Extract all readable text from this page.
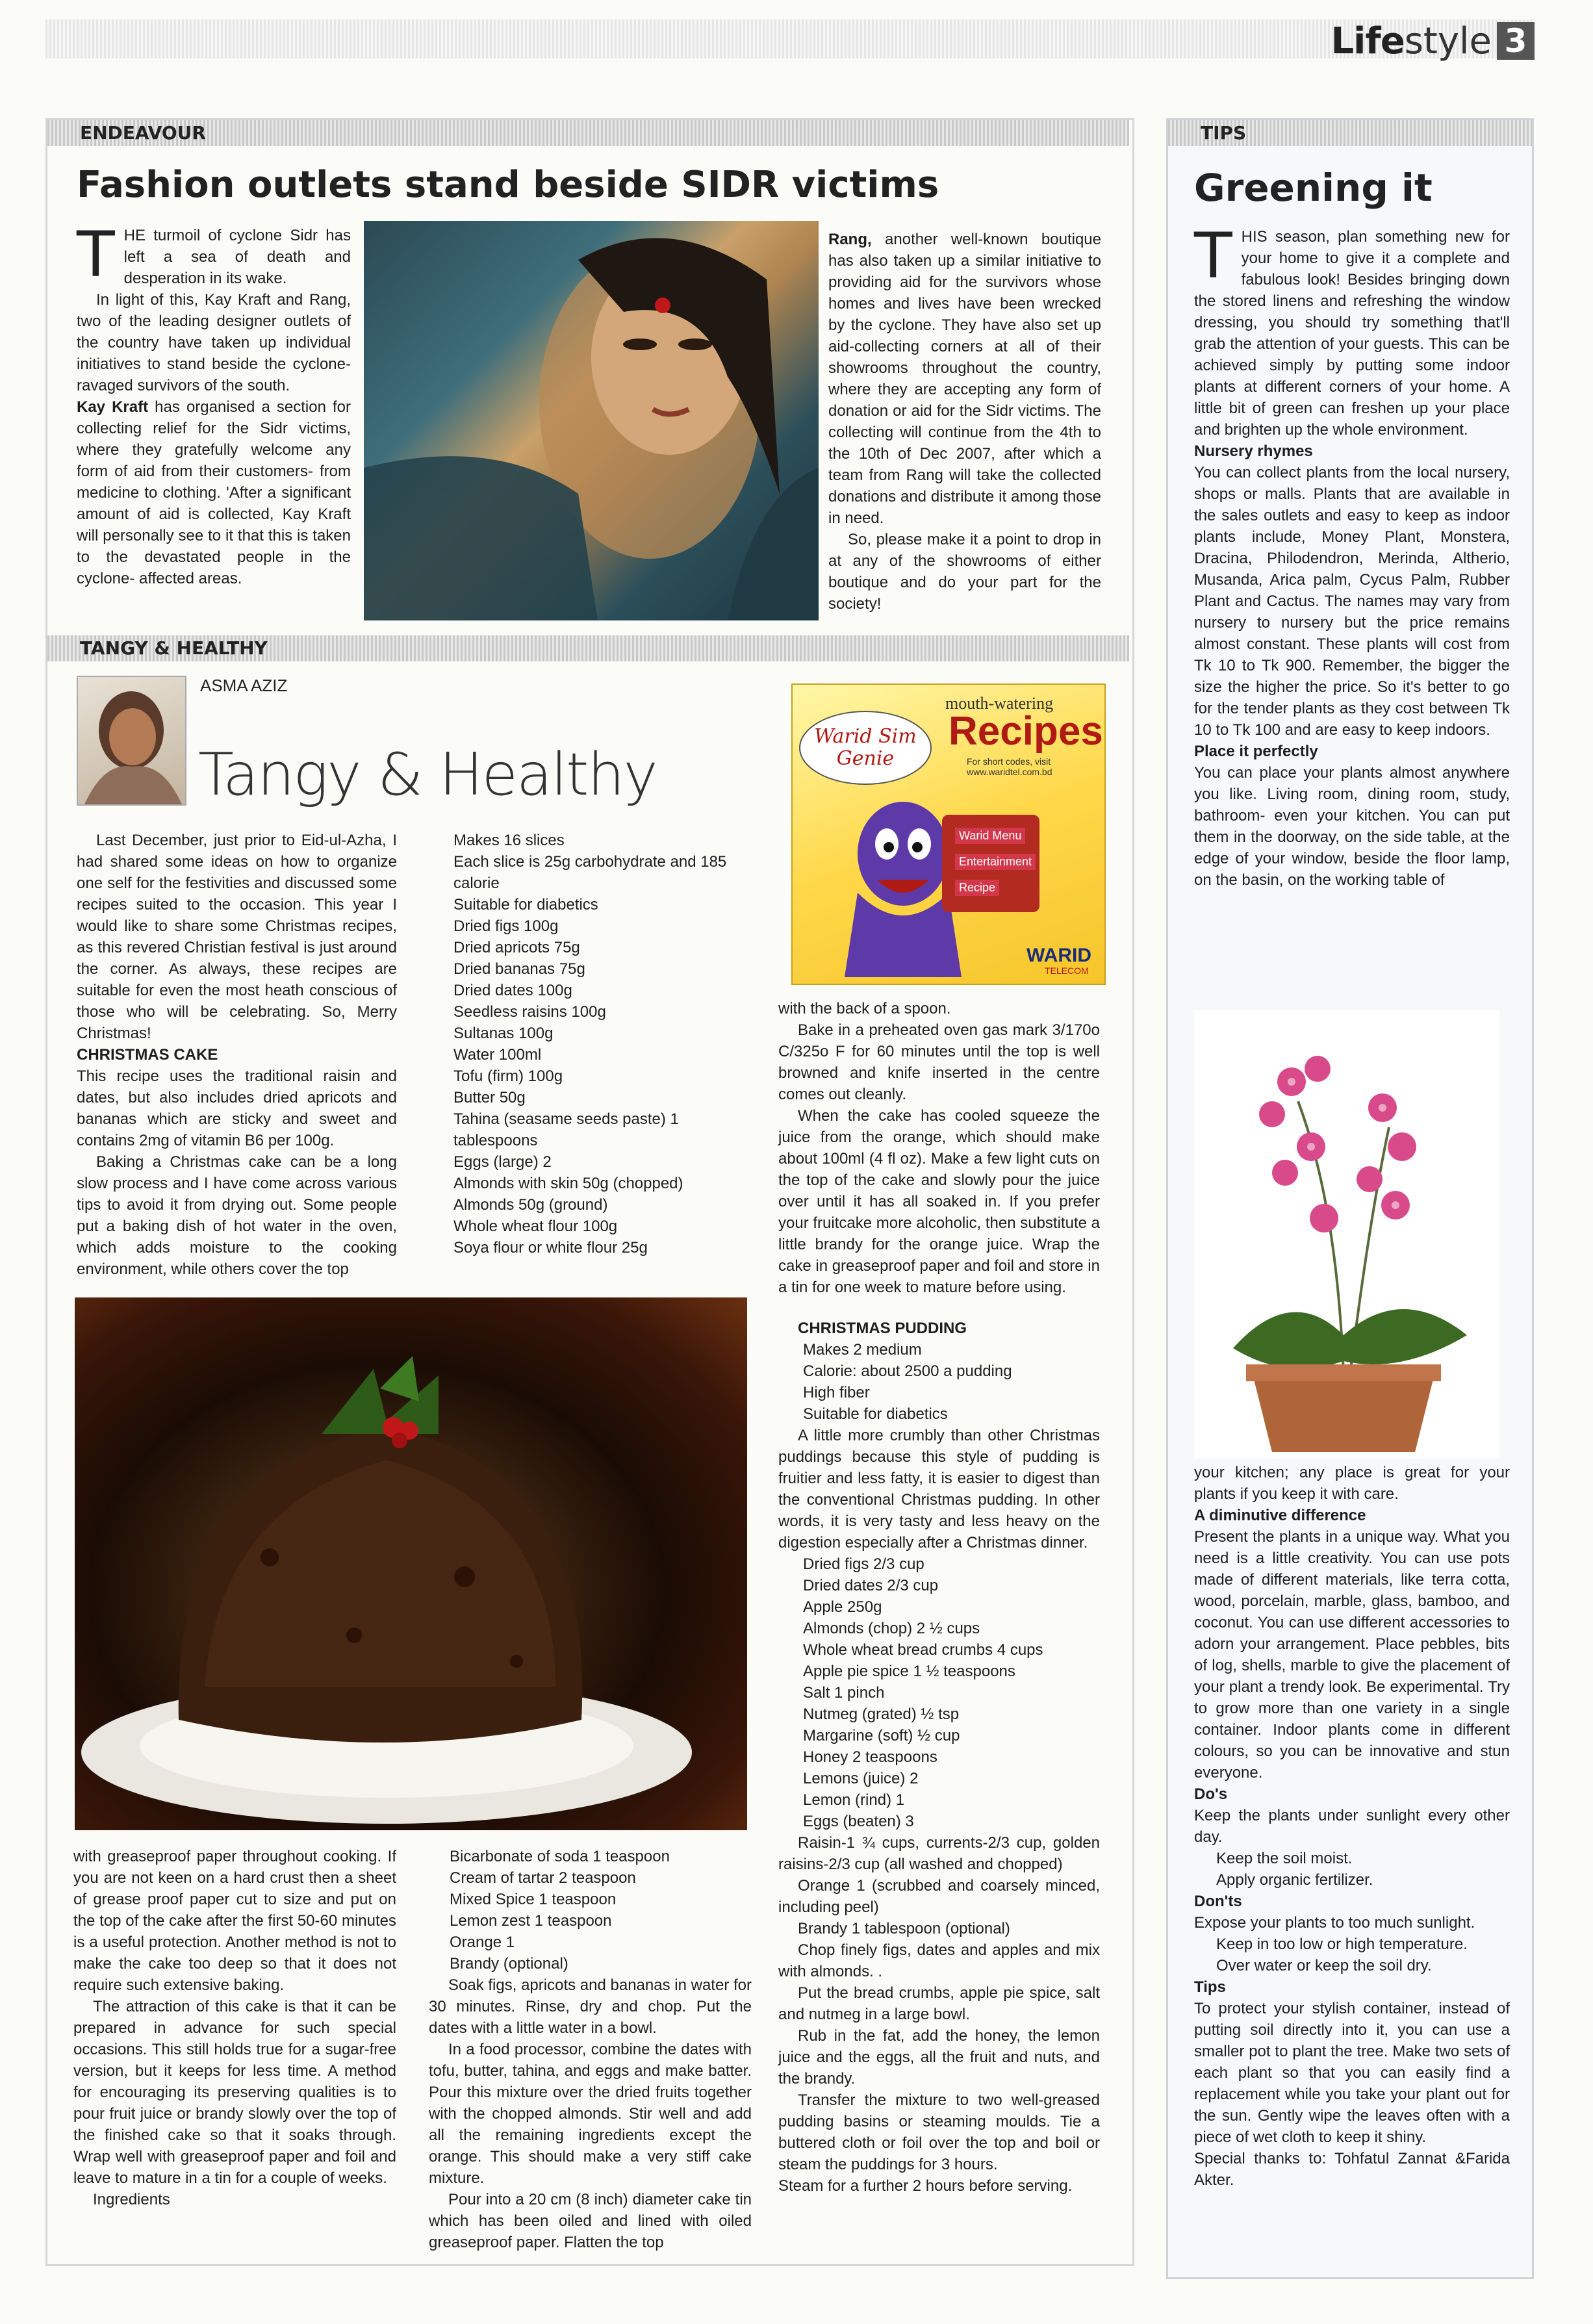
Life style 3
ENDEAVOUR
Fashion outlets stand beside SIDR victims
T HE turmoil of cyclone Sidr has left a sea of death and desperation in its wake.

In light of this, Kay Kraft and Rang, two of the leading designer outlets of the country have taken up individual initiatives to stand beside the cyclone-ravaged survivors of the south.

Kay Kraft has organised a section for collecting relief for the Sidr victims, where they gratefully welcome any form of aid from their customers- from medicine to clothing. 'After a significant amount of aid is collected, Kay Kraft will personally see to it that this is taken to the devastated people in the cyclone- affected areas.

Rang, another well-known boutique has also taken up a similar initiative to providing aid for the survivors whose homes and lives have been wrecked by the cyclone. They have also set up aid-collecting corners at all of their showrooms throughout the country, where they are accepting any form of donation or aid for the Sidr victims. The collecting will continue from the 4th to the 10th of Dec 2007, after which a team from Rang will take the collected donations and distribute it among those in need.

So, please make it a point to drop in at any of the showrooms of either boutique and do your part for the society!

TANGY & HEALTHY
ASMA AZIZ
Tangy & Healthy

Last December, just prior to Eid-ul-Azha, I had shared some ideas on how to organize one self for the festivities and discussed some recipes suited to the occasion. This year I would like to share some Christmas recipes, as this revered Christian festival is just around the corner. As always, these recipes are suitable for even the most heath conscious of those who will be celebrating. So, Merry Christmas!

CHRISTMAS CAKE

This recipe uses the traditional raisin and dates, but also includes dried apricots and bananas which are sticky and sweet and contains 2mg of vitamin B6 per 100g.

Baking a Christmas cake can be a long slow process and I have come across various tips to avoid it from drying out. Some people put a baking dish of hot water in the oven, which adds moisture to the cooking environment, while others cover the top

Makes 16 slices
Each slice is 25g carbohydrate and 185 calorie
Suitable for diabetics
Dried figs 100g
Dried apricots 75g
Dried bananas 75g
Dried dates 100g
Seedless raisins 100g
Sultanas 100g
Water 100ml
Tofu (firm) 100g
Butter 50g
Tahina (seasame seeds paste) 1 tablespoons
Eggs (large) 2
Almonds with skin 50g (chopped)
Almonds 50g (ground)
Whole wheat flour 100g
Soya flour or white flour 25g
mouth-watering
Recipes
For short codes, visit www.waridtel.com.bd
Warid Sim Genie
Warid Menu
Entertainment
Recipe
WARID
TELECOM

with the back of a spoon.

Bake in a preheated oven gas mark 3/170o C/325o F for 60 minutes until the top is well browned and knife inserted in the centre comes out cleanly.

When the cake has cooled squeeze the juice from the orange, which should make about 100ml (4 fl oz). Make a few light cuts on the top of the cake and slowly pour the juice over until it has all soaked in. If you prefer your fruitcake more alcoholic, then substitute a little brandy for the orange juice. Wrap the cake in greaseproof paper and foil and store in a tin for one week to mature before using.

CHRISTMAS PUDDING

Makes 2 medium
Calorie: about 2500 a pudding
High fiber
Suitable for diabetics

A little more crumbly than other Christmas puddings because this style of pudding is fruitier and less fatty, it is easier to digest than the conventional Christmas pudding. In other words, it is very tasty and less heavy on the digestion especially after a Christmas dinner.

Dried figs 2/3 cup
Dried dates 2/3 cup
Apple 250g
Almonds (chop) 2 ½ cups
Whole wheat bread crumbs 4 cups
Apple pie spice 1 ½ teaspoons
Salt 1 pinch
Nutmeg (grated) ½ tsp
Margarine (soft) ½ cup
Honey 2 teaspoons
Lemons (juice) 2
Lemon (rind) 1
Eggs (beaten) 3

Raisin-1 ¾ cups, currents-2/3 cup, golden raisins-2/3 cup (all washed and chopped)

Orange 1 (scrubbed and coarsely minced, including peel)

Brandy 1 tablespoon (optional)

Chop finely figs, dates and apples and mix with almonds. .

Put the bread crumbs, apple pie spice, salt and nutmeg in a large bowl.

Rub in the fat, add the honey, the lemon juice and the eggs, all the fruit and nuts, and the brandy.

Transfer the mixture to two well-greased pudding basins or steaming moulds. Tie a buttered cloth or foil over the top and boil or steam the puddings for 3 hours.

Steam for a further 2 hours before serving.

with greaseproof paper throughout cooking. If you are not keen on a hard crust then a sheet of grease proof paper cut to size and put on the top of the cake after the first 50-60 minutes is a useful protection. Another method is not to make the cake too deep so that it does not require such extensive baking.

The attraction of this cake is that it can be prepared in advance for such special occasions. This still holds true for a sugar-free version, but it keeps for less time. A method for encouraging its preserving qualities is to pour fruit juice or brandy slowly over the top of the finished cake so that it soaks through. Wrap well with greaseproof paper and foil and leave to mature in a tin for a couple of weeks.

Ingredients

Bicarbonate of soda 1 teaspoon
Cream of tartar 2 teaspoon
Mixed Spice 1 teaspoon
Lemon zest 1 teaspoon
Orange 1
Brandy (optional)

Soak figs, apricots and bananas in water for 30 minutes. Rinse, dry and chop. Put the dates with a little water in a bowl.

In a food processor, combine the dates with tofu, butter, tahina, and eggs and make batter. Pour this mixture over the dried fruits together with the chopped almonds. Stir well and add all the remaining ingredients except the orange. This should make a very stiff cake mixture.

Pour into a 20 cm (8 inch) diameter cake tin which has been oiled and lined with oiled greaseproof paper. Flatten the top

TIPS
Greening it
T HIS season, plan something new for your home to give it a complete and fabulous look! Besides bringing down the stored linens and refreshing the window dressing, you should try something that'll grab the attention of your guests. This can be achieved simply by putting some indoor plants at different corners of your home. A little bit of green can freshen up your place and brighten up the whole environment.

Nursery rhymes

You can collect plants from the local nursery, shops or malls. Plants that are available in the sales outlets and easy to keep as indoor plants include, Money Plant, Monstera, Dracina, Philodendron, Merinda, Altherio, Musanda, Arica palm, Cycus Palm, Rubber Plant and Cactus. The names may vary from nursery to nursery but the price remains almost constant. These plants will cost from Tk 10 to Tk 900. Remember, the bigger the size the higher the price. So it's better to go for the tender plants as they cost between Tk 10 to Tk 100 and are easy to keep indoors.

Place it perfectly

You can place your plants almost anywhere you like. Living room, dining room, study, bathroom- even your kitchen. You can put them in the doorway, on the side table, at the edge of your window, beside the floor lamp, on the basin, on the working table of

your kitchen; any place is great for your plants if you keep it with care.

A diminutive difference

Present the plants in a unique way. What you need is a little creativity. You can use pots made of different materials, like terra cotta, wood, porcelain, marble, glass, bamboo, and coconut. You can use different accessories to adorn your arrangement. Place pebbles, bits of log, shells, marble to give the placement of your plant a trendy look. Be experimental. Try to grow more than one variety in a single container. Indoor plants come in different colours, so you can be innovative and stun everyone.

Do's

Keep the plants under sunlight every other day.

Keep the soil moist.
Apply organic fertilizer.

Don'ts

Expose your plants to too much sunlight.

Keep in too low or high temperature.
Over water or keep the soil dry.

Tips

To protect your stylish container, instead of putting soil directly into it, you can use a smaller pot to plant the tree. Make two sets of each plant so that you can easily find a replacement while you take your plant out for the sun. Gently wipe the leaves often with a piece of wet cloth to keep it shiny.

Special thanks to: Tohfatul Zannat &Farida Akter.
